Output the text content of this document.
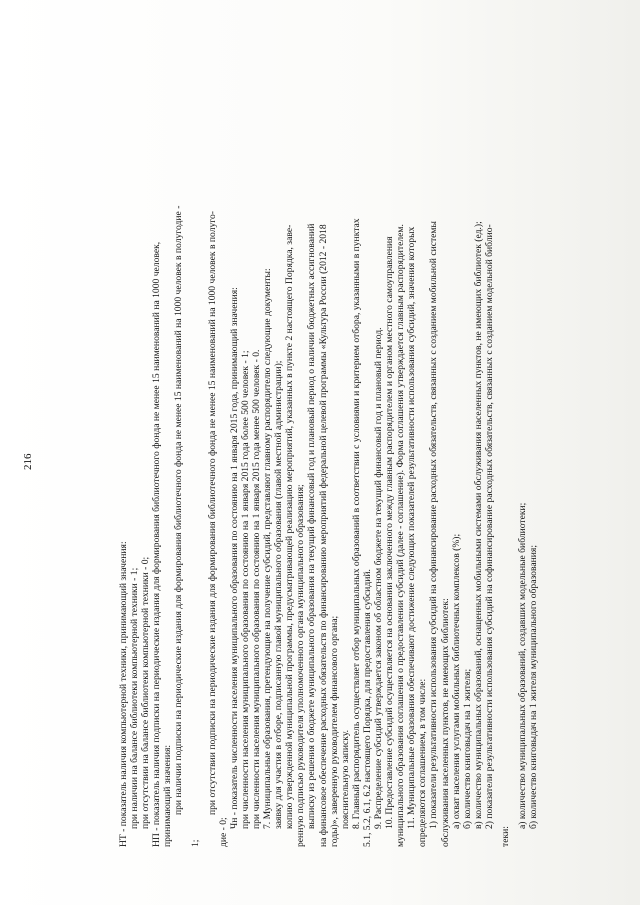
216
НТ - показатель наличия компьютерной техники, принимающий значения: при наличии на балансе библиотеки компьютерной техники - 1; при отсутствии на балансе библиотеки компьютерной техники - 0; НП - показатель наличия подписки на периодические издания для формирования библиотечного фонда не менее 15 наименований на 1000 человек, принимающий значения: при наличии подписки на периодические издания для формирования библиотечного фонда не менее 15 наименований на 1000 человек в полугодие -
1;
при отсутствии подписки на периодические издания для формирования библиотечного фонда не менее 15 наименований на 1000 человек в полуго-
дие - 0;
Чн - показатель численности населения муниципального образования по состоянию на 1 января 2015 года, принимающий значения: при численности населения муниципального образования по состоянию на 1 января 2015 года более 500 человек - 1; при численности населения муниципального образования по состоянию на 1 января 2015 года менее 500 человек - 0. 7. Муниципальные образования, претендующие на получение субсидий, представляют главному распорядителю следующие документы: заявку для участия в отборе, подписанную главой муниципального образования (главой местной администрации); копию утвержденной муниципальной программы, предусматривающей реализацию мероприятий, указанных в пункте 2 настоящего Порядка, заве- ренную подписью руководителя уполномоченного органа муниципального образования; выписку из решения о бюджете муниципального образования на текущий финансовый год и плановый период о наличии бюджетных ассигнований на финансовое обеспечение расходных обязательств по финансированию мероприятий федеральной целевой программы «Культура России (2012 - 2018 годы)», заверенную руководителем финансового органа; пояснительную записку. 8. Главный распорядитель осуществляет отбор муниципальных образований в соответствии с условиями и критерием отбора, указанными в пунктах 5.1, 5.2, 6.1, 6.2 настоящего Порядка, для предоставления субсидий. 9. Распределение субсидий утверждается законом об областном бюджете на текущий финансовый год и плановый период. 10. Предоставление субсидий осуществляется на основании заключенного между главным распорядителем и органом местного самоуправления муниципального образования соглашения о предоставлении субсидий (далее - соглашение). Форма соглашения утверждается главным распорядителем. 11. Муниципальные образования обеспечивают достижение следующих показателей результативности использования субсидий, значения которых определяются соглашением, в том числе: 1) показатели результативности использования субсидий на софинансирование расходных обязательств, связанных с созданием мобильной системы обслуживания населенных пунктов, не имеющих библиотек: а) охват населения услугами мобильных библиотечных комплексов (%); б) количество книговыдач на 1 жителя; в) количество муниципальных образований, оснащенных мобильными системами обслуживания населенных пунктов, не имеющих библиотек (ед.); 2) показатели результативности использования субсидий на софинансирование расходных обязательств, связанных с созданием модельной библио-
теки:
а) количество муниципальных образований, создавших модельные библиотеки; б) количество книговыдач на 1 жителя муниципального образования;
